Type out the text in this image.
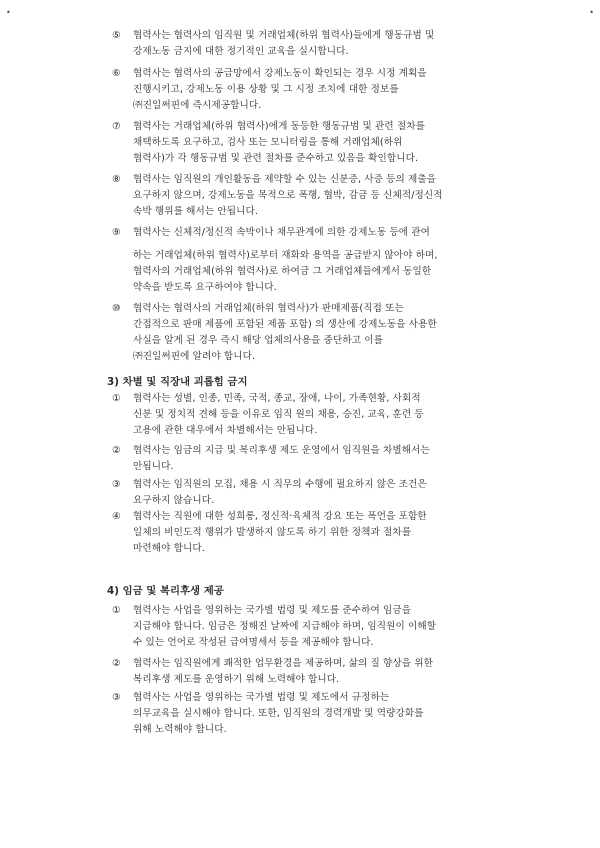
•	•
⑤	협력사는 협력사의 임직원 및 거래업체(하위 협력사)들에게 행동규범 및
강제노동 금지에 대한 정기적인 교육을 실시합니다.
⑥	협력사는 협력사의 공급망에서 강제노동이 확인되는 경우 시정 계획을
진행시키고, 강제노동 이용 상황 및 그 시정 조치에 대한 정보를
㈜진일써핀에 즉시제공합니다.
⑦	협력사는 거래업체(하위 협력사)에게 동등한 행동규범 및 관련 절차를
채택하도록 요구하고, 검사 또는 모니터링을 통해 거래업체(하위
협력사)가 각 행동규범 및 관련 절차를 준수하고 있음을 확인합니다.
⑧	협력사는 임직원의 개인활동을 제약할 수 있는 신분증, 사증 등의 제출을
요구하지 않으며, 강제노동을 목적으로 폭행, 협박, 감금 등 신체적/정신적
속박 행위를 해서는 안됩니다.
⑨	협력사는 신체적/정신적 속박이나 채무관계에 의한 강제노동 등에 관여
하는 거래업체(하위 협력사)로부터 재화와 용역을 공급받지 않아야 하며,
협력사의 거래업체(하위 협력사)로 하여금 그 거래업체들에게서 동일한
약속을 받도록 요구하여야 합니다.
⑩	협력사는 협력사의 거래업체(하위 협력사)가 판매제품(직접 또는
간접적으로 판매 제품에 포함된 제품 포함) 의 생산에 강제노동을 사용한
사실을 알게 된 경우 즉시 해당 업체의사용을 중단하고 이를
㈜진일써핀에 알려야 합니다.
3) 차별 및 직장내 괴롭힘 금지
①	협력사는 성별, 인종, 민족, 국적, 종교, 장애, 나이, 가족현황, 사회적
신분 및 정치적 견해 등을 이유로 임직 원의 채용, 승진, 교육, 훈련 등
고용에 관한 대우에서 차별해서는 안됩니다.
②	협력사는 임금의 지급 및 복리후생 제도 운영에서 임직원을 차별해서는
안됩니다.
③	협력사는 임직원의 모집, 채용 시 직무의 수행에 필요하지 않은 조건은
요구하지 않습니다.
④	협력사는 직원에 대한 성희롱, 정신적·육체적 강요 또는 폭언을 포함한
일체의 비인도적 행위가 발생하지 않도록 하기 위한 정책과 절차를
마련해야 합니다.
4) 임금 및 복리후생 제공
①	협력사는 사업을 영위하는 국가별 법령 및 제도를 준수하여 임금을
지급해야 합니다. 임금은 정해진 날짜에 지급해야 하며, 임직원이 이해할
수 있는 언어로 작성된 급여명세서 등을 제공해야 합니다.
②	협력사는 임직원에게 쾌적한 업무환경을 제공하며, 삶의 질 향상을 위한
복리후생 제도를 운영하기 위해 노력해야 합니다.
③	협력사는 사업을 영위하는 국가별 법령 및 제도에서 규정하는
의무교육을 실시해야 합니다. 또한, 임직원의 경력개발 및 역량강화를
위해 노력해야 합니다.
